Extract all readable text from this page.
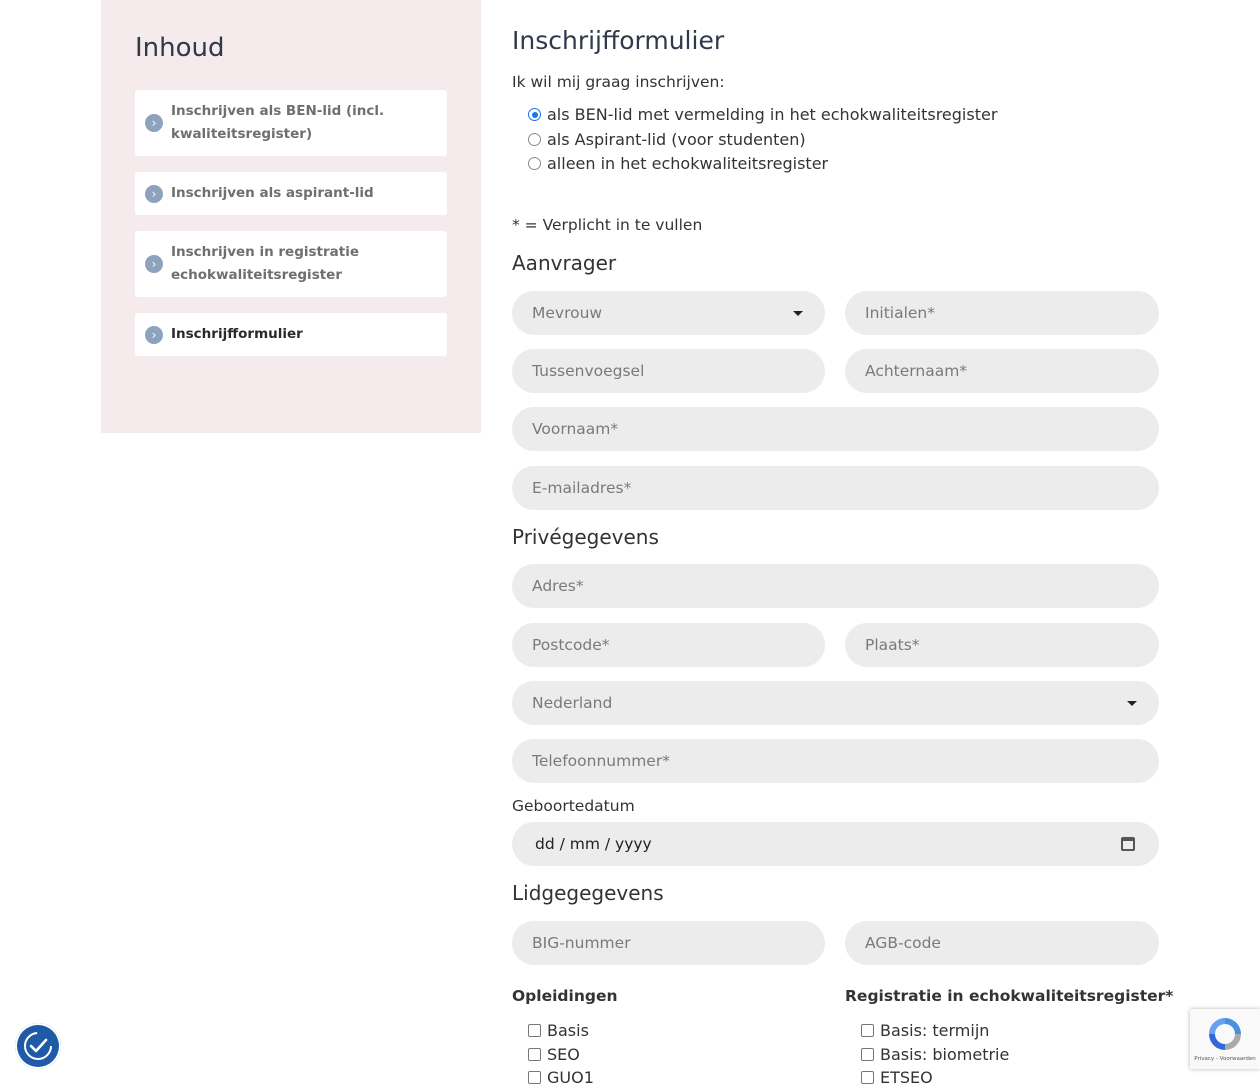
Inhoud
›
Inschrijven als BEN-lid (incl.
kwaliteitsregister)
›	Inschrijven als aspirant-lid
›
Inschrijven in registratie
echokwaliteitsregister
›	Inschrijfformulier
Inschrijfformulier
Ik wil mij graag inschrijven:
als BEN-lid met vermelding in het echokwaliteitsregister
als Aspirant-lid (voor studenten)
alleen in het echokwaliteitsregister
* = Verplicht in te vullen
Aanvrager
Mevrouw	Initialen*
Tussenvoegsel	Achternaam*
Voornaam*
E-mailadres*
Privégegevens
Adres*
Postcode*	Plaats*
Nederland
Telefoonnummer*
Geboortedatum
dd / mm / yyyy
Lidgegegevens
BIG-nummer	AGB-code
Opleidingen
Basis
SEO
GUO1
Registratie in echokwaliteitsregister*
Basis: termijn
Basis: biometrie
ETSEO
Privacy - Voorwaarden
